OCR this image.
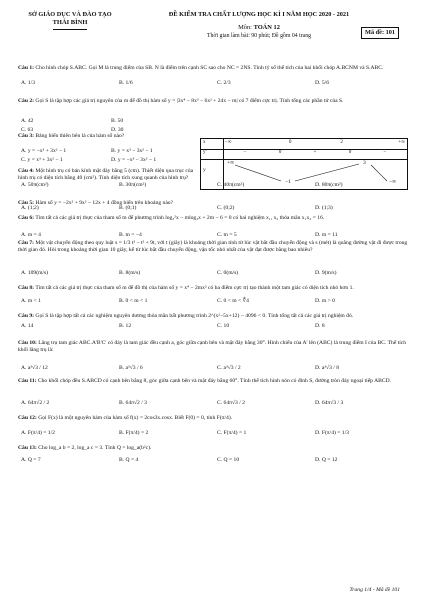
SỞ GIÁO DỤC VÀ ĐÀO TẠO
THÁI BÌNH
ĐỀ KIỂM TRA CHẤT LƯỢNG HỌC KÌ I NĂM HỌC 2020 - 2021
Môn: TOÁN 12
Thời gian làm bài: 90 phút; Đề gồm 04 trang	Mã đề: 101
Câu 1: Cho hình chóp S.ABC. Gọi M là trung điểm của SB. N là điểm trên cạnh SC sao cho NC = 2NS. Tính tỷ số thể tích của hai khối chóp A.BCNM và S.ABC.
A. 1/3	B. 1/6	C. 2/3	D. 5/6
Câu 2: Gọi S là tập hợp các giá trị nguyên của m để đồ thị hàm số y = |3x⁴ − 8x³ − 6x² + 24x − m| có 7 điểm cực trị. Tính tổng các phần tử của S.
A. 42	B. 50
C. 63	D. 30
Câu 3: Bảng biến thiên bên là của hàm số nào?
A. y = −x³ + 3x² − 1	B. y = x³ − 3x² − 1
C. y = x³ + 3x² − 1	D. y = −x³ − 3x² − 1
Câu 4: Một hình trụ có bán kính mặt đáy bằng 5 (cm). Thiết diện qua trục của hình trụ có diện tích bằng 40 (cm²). Tính diện tích xung quanh của hình trụ?
A. 50π(cm²)	B. 30π(cm²)	C. 40π(cm²)	D. 80π(cm²)
Câu 5: Hàm số y = −2x³ + 9x² − 12x + 4 đồng biến trên khoảng nào?
A. (1;2)	B. (0;1)	C. (0;2)	D. (1;3)
Câu 6: Tìm tất cả các giá trị thực của tham số m để phương trình log₃²x − mlog₃x + 2m − 6 = 0 có hai nghiệm x₁, x₂ thỏa mãn x₁x₂ = 16.
A. m = 4	B. m = −4	C. m = 5	D. m = 11
Câu 7: Một vật chuyển động theo quy luật s = 1/3 t³ − t² + 9t, với t (giây) là khoảng thời gian tính từ lúc vật bắt đầu chuyển động và s (mét) là quãng đường vật đi được trong thời gian đó. Hỏi trong khoảng thời gian 10 giây, kể từ lúc bắt đầu chuyển động, vận tốc nhỏ nhất của vật đạt được bằng bao nhiêu?
A. 109(m/s)	B. 8(m/s)	C. 0(m/s)	D. 9(m/s)
Câu 8: Tìm tất cả các giá trị thực của tham số m để đồ thị của hàm số y = x⁴ − 2mx² có ba điểm cực trị tạo thành một tam giác có diện tích nhỏ hơn 1.
A. m < 1	B. 0 < m < 1	C. 0 < m < ∜4	D. m > 0
Câu 9: Gọi S là tập hợp tất cả các nghiệm nguyên dương thỏa mãn bất phương trình 2^(x²−5x+12) − 4096 < 0. Tính tổng tất cả các giá trị nghiệm đó.
A. 14	B. 12	C. 10	D. 8
Câu 10: Lăng trụ tam giác ABC.A'B'C' có đáy là tam giác đều cạnh a, góc giữa cạnh bên và mặt đáy bằng 30°. Hình chiếu của A' lên (ABC) là trung điểm I của BC. Thể tích khối lăng trụ là:
A. a³√3 / 12	B. a³√3 / 6	C. a³√3 / 2	D. a³√3 / 8
Câu 11: Cho khối chóp đều S.ABCD có cạnh bên bằng 8, góc giữa cạnh bên và mặt đáy bằng 60°. Tính thể tích hình nón có đỉnh S, đường tròn đáy ngoại tiếp ABCD.
A. 64π√2 / 2	B. 64π√2 / 3	C. 64π√3 / 2	D. 64π√3 / 3
Câu 12: Gọi F(x) là một nguyên hàm của hàm số f(x) = 2cos3x.cosx. Biết F(0) = 0, tính F(π/4).
A. F(π/4) = 1/2	B. F(π/4) = 2	C. F(π/4) = 1	D. F(π/4) = 1/3
Câu 13: Cho log_a b = 2, log_a c = 3. Tính Q = log_a(b²c).
A. Q = 7	B. Q = 4	C. Q = 10	D. Q = 12
x	−∞	0	2	+∞
y'	−	0	+	0	−
y
+∞	3
−1	−∞
Trang 1/4 - Mã đề 101
